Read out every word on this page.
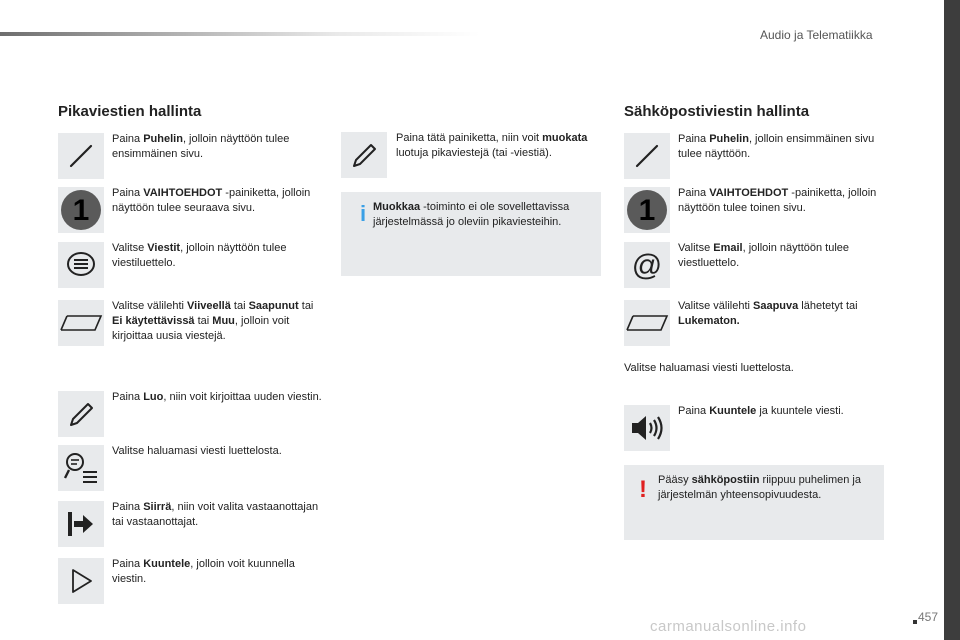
Audio ja Telematiikka
Pikaviestien hallinta
Paina Puhelin, jolloin näyttöön tulee ensimmäinen sivu.
1
Paina VAIHTOEHDOT -painiketta, jolloin näyttöön tulee seuraava sivu.
Valitse Viestit, jolloin näyttöön tulee viestiluettelo.
Valitse välilehti Viiveellä tai Saapunut tai Ei käytettävissä tai Muu, jolloin voit kirjoittaa uusia viestejä.
Paina Luo, niin voit kirjoittaa uuden viestin.
Valitse haluamasi viesti luettelosta.
Paina Siirrä, niin voit valita vastaanottajan tai vastaanottajat.
Paina Kuuntele, jolloin voit kuunnella viestin.
Paina tätä painiketta, niin voit muokata luotuja pikaviestejä (tai -viestiä).
i Muokkaa -toiminto ei ole sovellettavissa järjestelmässä jo oleviin pikaviesteihin.
Sähköpostiviestin hallinta
Paina Puhelin, jolloin ensimmäinen sivu tulee näyttöön.
1
Paina VAIHTOEHDOT -painiketta, jolloin näyttöön tulee toinen sivu.
@
Valitse Email, jolloin näyttöön tulee viestluettelo.
Valitse välilehti Saapuva lähetetyt tai Lukematon.
Valitse haluamasi viesti luettelosta.
Paina Kuuntele ja kuuntele viesti.
! Pääsy sähköpostiin riippuu puhelimen ja järjestelmän yhteensopivuudesta.
457
carmanualsonline.info
